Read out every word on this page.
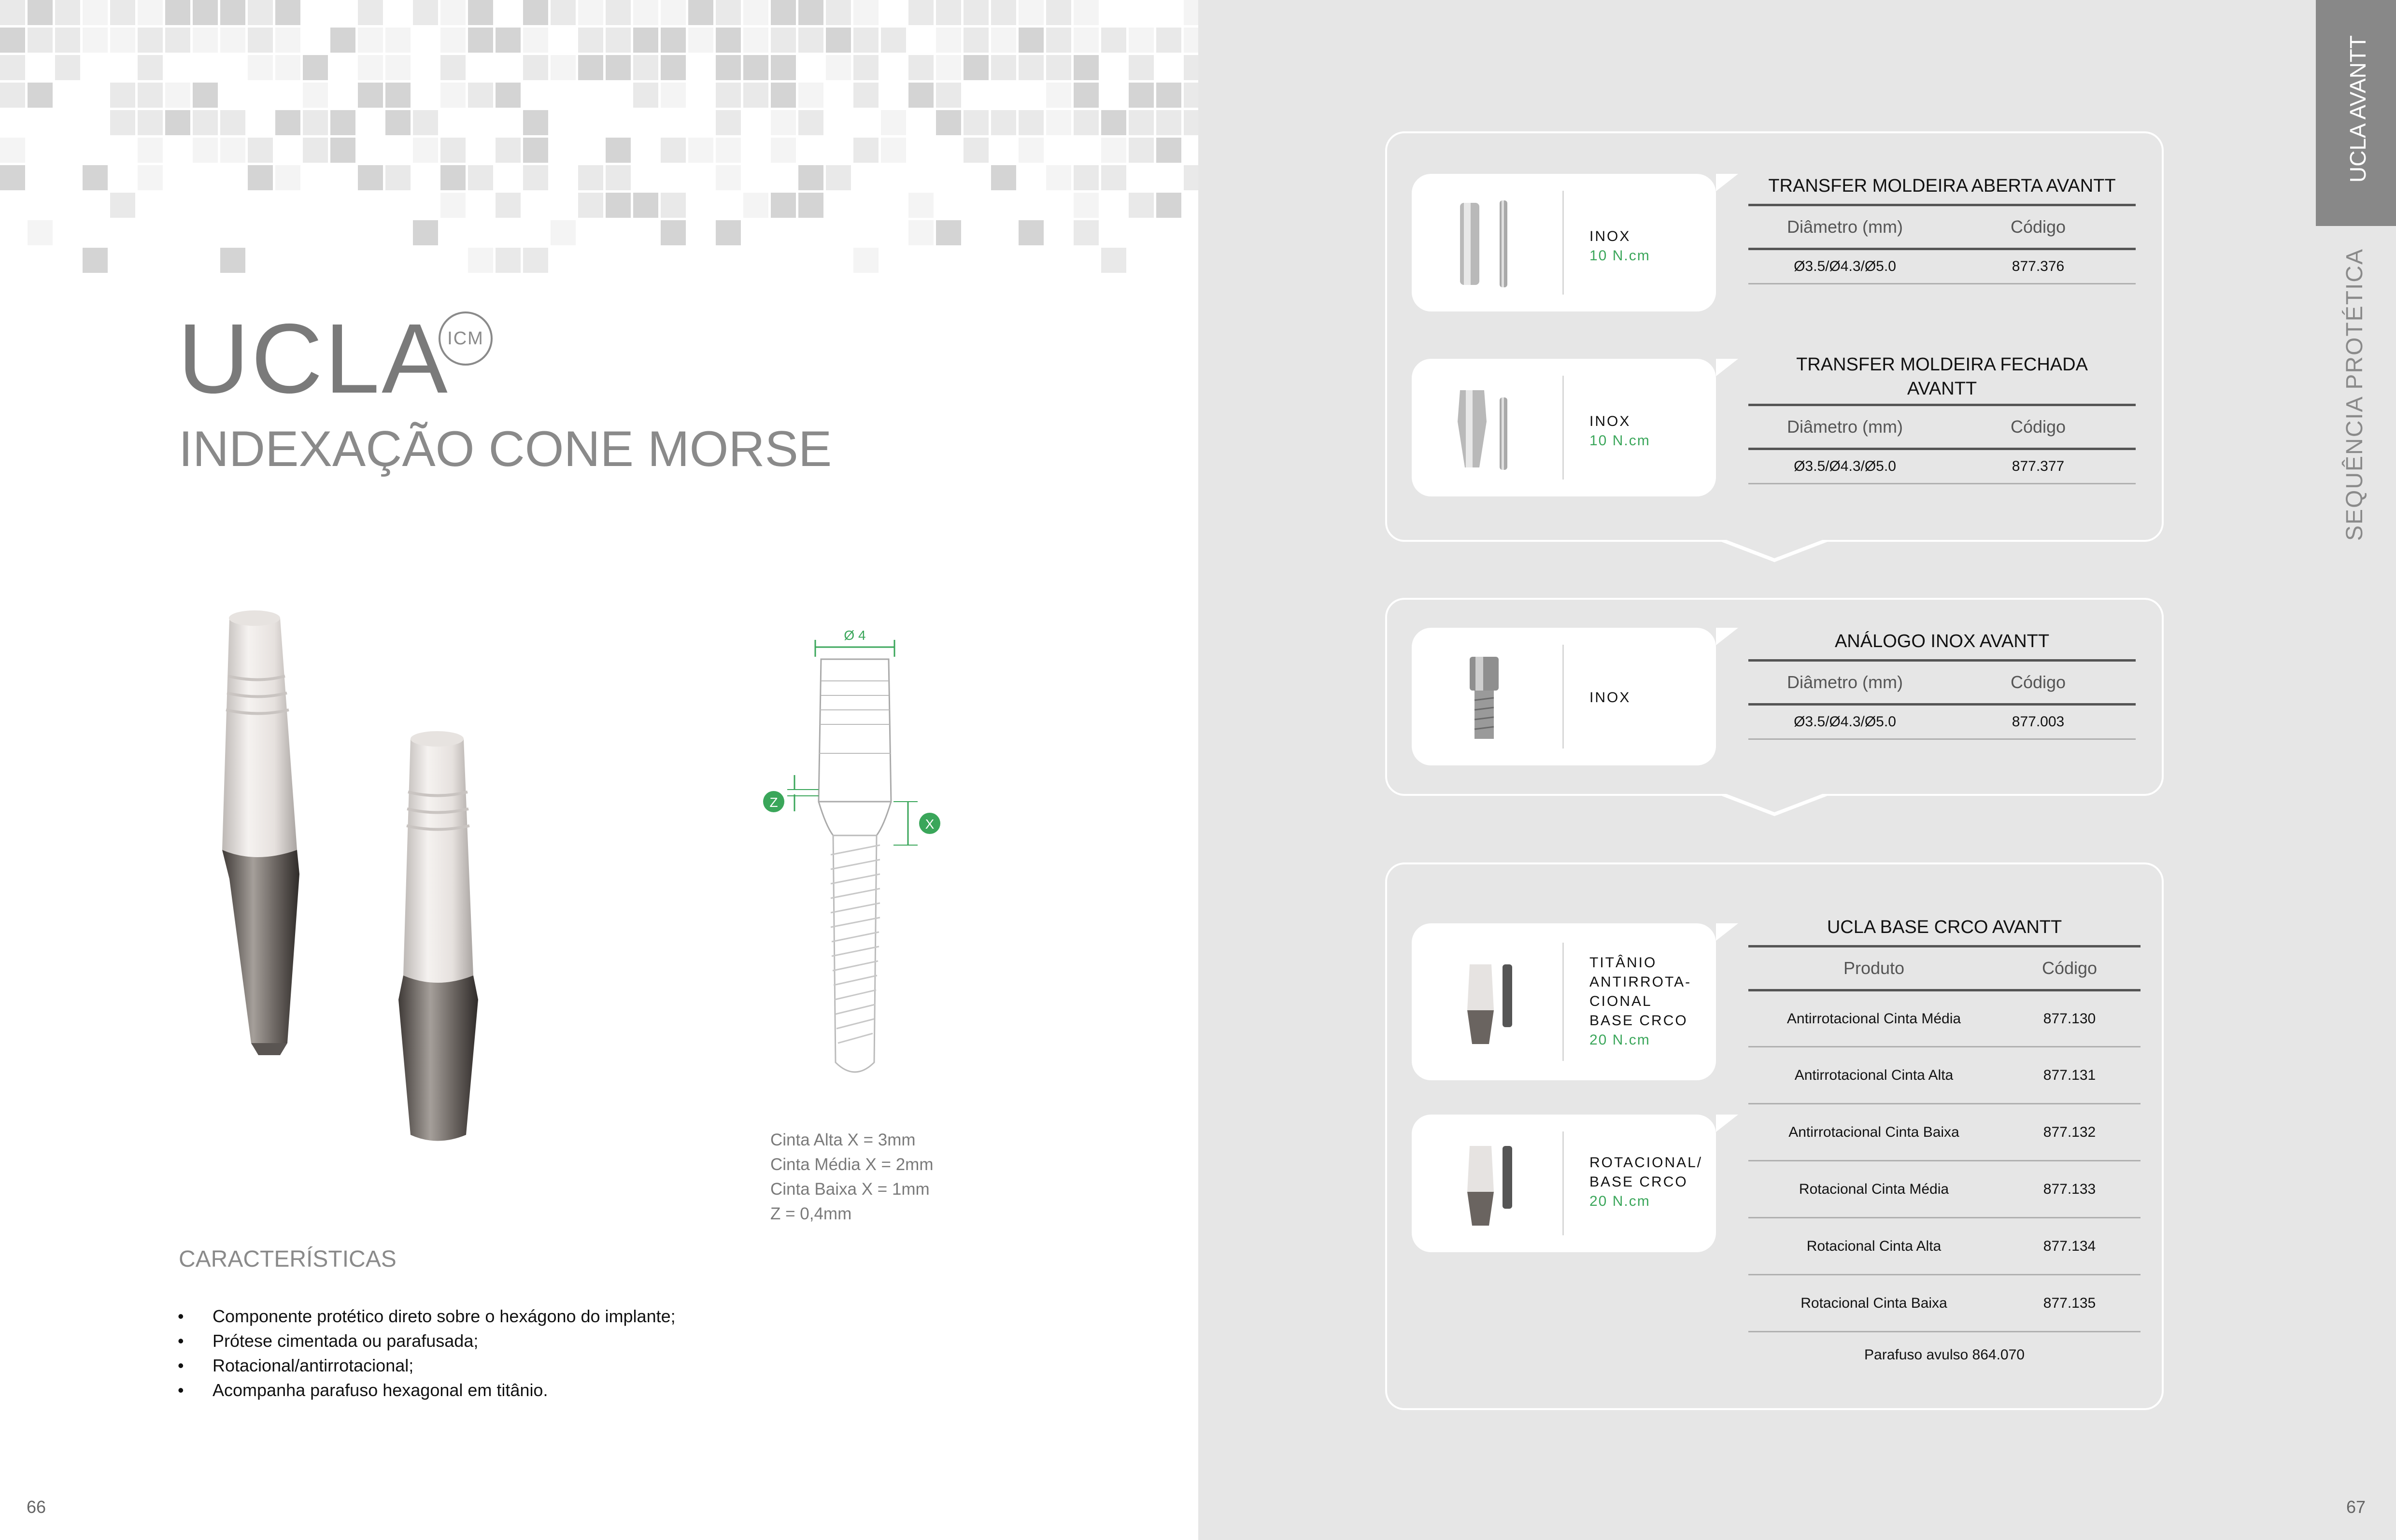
UCLA
ICM
INDEXAÇÃO CONE MORSE
Ø 4
Z
X
Cinta Alta X = 3mm
Cinta Média X = 2mm
Cinta Baixa X = 1mm
Z = 0,4mm
CARACTERÍSTICAS
• Componente protético direto sobre o hexágono do implante;
• Prótese cimentada ou parafusada;
• Rotacional/antirrotacional;
• Acompanha parafuso hexagonal em titânio.
66
UCLA AVANTT
SEQUÊNCIA PROTÉTICA
INOX
10 N.cm
TRANSFER MOLDEIRA ABERTA AVANTT
Diâmetro (mm)	Código
Ø3.5/Ø4.3/Ø5.0	877.376
INOX
10 N.cm
TRANSFER MOLDEIRA FECHADA
AVANTT
Diâmetro (mm)	Código
Ø3.5/Ø4.3/Ø5.0	877.377
INOX
ANÁLOGO INOX AVANTT
Diâmetro (mm)	Código
Ø3.5/Ø4.3/Ø5.0	877.003
TITÂNIO
ANTIRROTA-
CIONAL
BASE CRCO
20 N.cm
ROTACIONAL/
BASE CRCO
20 N.cm
UCLA BASE CRCO AVANTT
Produto	Código
Antirrotacional Cinta Média	877.130
Antirrotacional Cinta Alta	877.131
Antirrotacional Cinta Baixa	877.132
Rotacional Cinta Média	877.133
Rotacional Cinta Alta	877.134
Rotacional Cinta Baixa	877.135
Parafuso avulso 864.070
67
